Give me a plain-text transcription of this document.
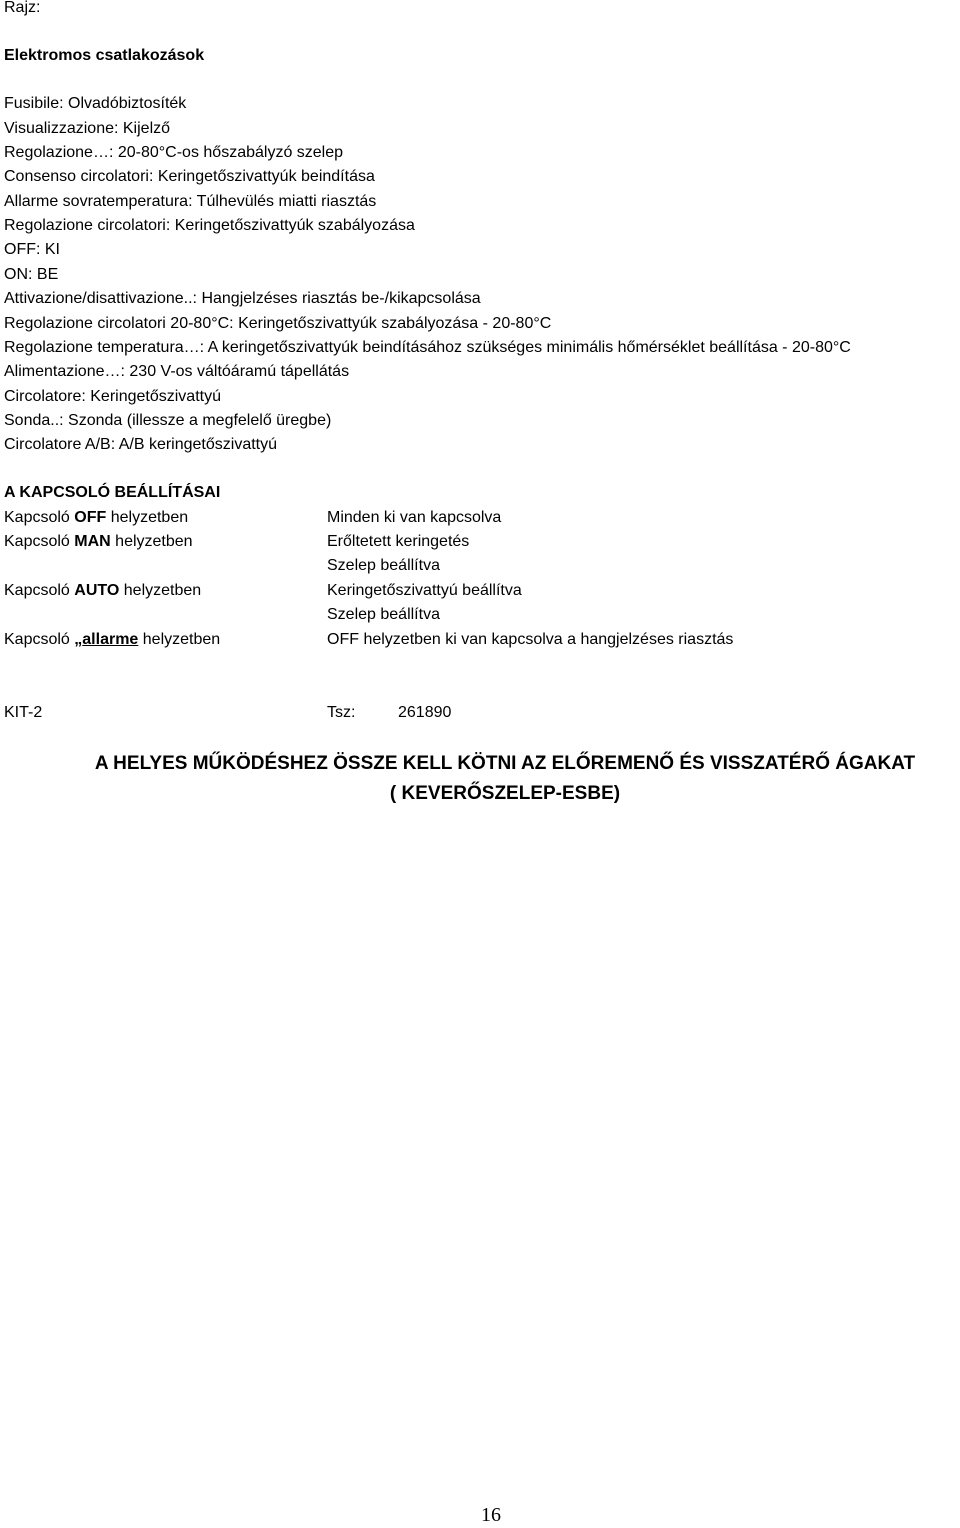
Rajz:
Elektromos csatlakozások
Fusibile: Olvadóbiztosíték
Visualizzazione: Kijelző
Regolazione…: 20-80°C-os hőszabályzó szelep
Consenso circolatori: Keringetőszivattyúk beindítása
Allarme sovratemperatura: Túlhevülés miatti riasztás
Regolazione circolatori: Keringetőszivattyúk szabályozása
OFF: KI
ON: BE
Attivazione/disattivazione..: Hangjelzéses riasztás be-/kikapcsolása
Regolazione circolatori 20-80°C: Keringetőszivattyúk szabályozása - 20-80°C
Regolazione temperatura…: A keringetőszivattyúk beindításához szükséges minimális hőmérséklet beállítása - 20-80°C
Alimentazione…: 230 V-os váltóáramú tápellátás
Circolatore: Keringetőszivattyú
Sonda..: Szonda (illessze a megfelelő üregbe)
Circolatore A/B: A/B keringetőszivattyú
A KAPCSOLÓ BEÁLLÍTÁSAI
Kapcsoló OFF helyzetben	Minden ki van kapcsolva
Kapcsoló MAN helyzetben	Erőltetett keringetés
Szelep beállítva
Kapcsoló AUTO helyzetben	Keringetőszivattyú beállítva
Szelep beállítva
Kapcsoló „allarme helyzetben	OFF helyzetben ki van kapcsolva a hangjelzéses riasztás
KIT-2	Tsz:	261890
A HELYES MŰKÖDÉSHEZ ÖSSZE KELL KÖTNI AZ ELŐREMENŐ ÉS VISSZATÉRŐ ÁGAKAT
( KEVERŐSZELEP-ESBE)
16
